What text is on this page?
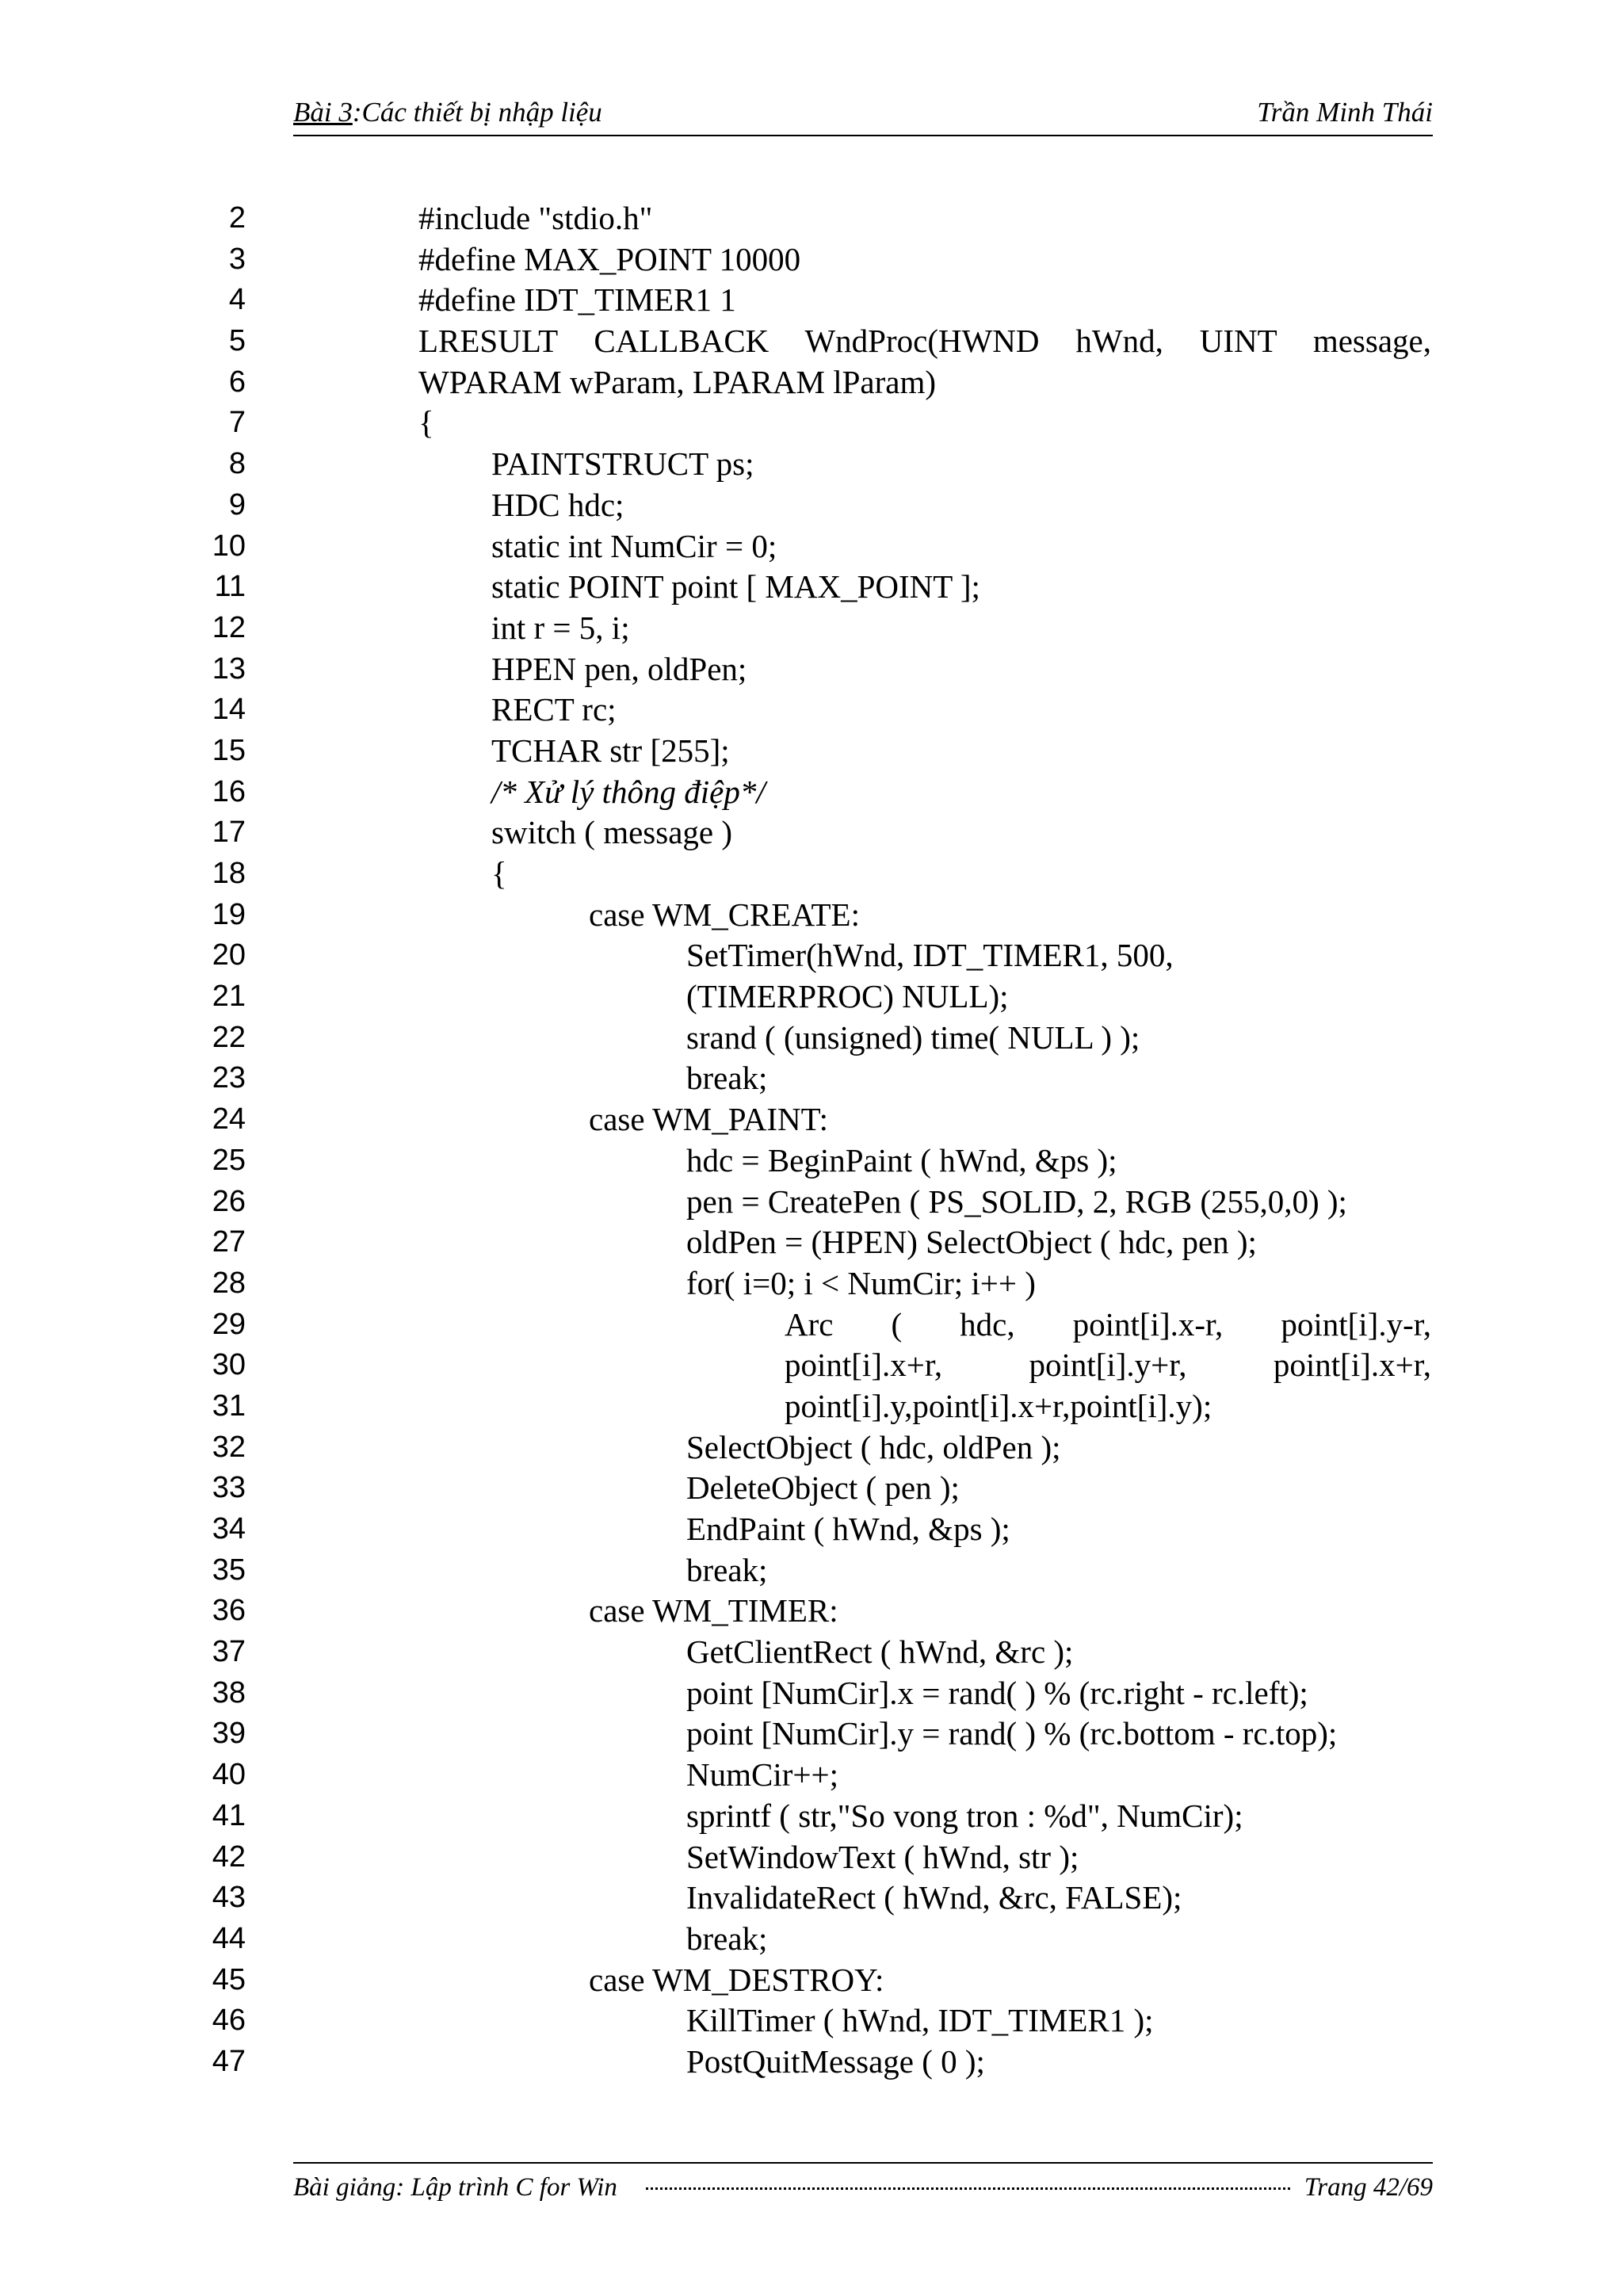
Bài 3:Các thiết bị nhập liệu	Trần Minh Thái
2	#include "stdio.h"
3	#define MAX_POINT 10000
4	#define IDT_TIMER1 1
5	LRESULT CALLBACK WndProc(HWND hWnd, UINT message,
6	WPARAM wParam, LPARAM lParam)
7	{
8	PAINTSTRUCT ps;
9	HDC hdc;
10	static int NumCir = 0;
11	static POINT point [ MAX_POINT ];
12	int r = 5, i;
13	HPEN pen, oldPen;
14	RECT rc;
15	TCHAR str [255];
16	/* Xử lý thông điệp*/
17	switch ( message )
18	{
19	case WM_CREATE:
20	SetTimer(hWnd, IDT_TIMER1, 500,
21	(TIMERPROC) NULL);
22	srand ( (unsigned) time( NULL ) );
23	break;
24	case WM_PAINT:
25	hdc = BeginPaint ( hWnd, &ps );
26	pen = CreatePen ( PS_SOLID, 2, RGB (255,0,0) );
27	oldPen = (HPEN) SelectObject ( hdc, pen );
28	for( i=0; i < NumCir; i++ )
29	Arc ( hdc, point[i].x-r, point[i].y-r,
30	point[i].x+r, point[i].y+r, point[i].x+r,
31	point[i].y,point[i].x+r,point[i].y);
32	SelectObject ( hdc, oldPen );
33	DeleteObject ( pen );
34	EndPaint ( hWnd, &ps );
35	break;
36	case WM_TIMER:
37	GetClientRect ( hWnd, &rc );
38	point [NumCir].x = rand( ) % (rc.right - rc.left);
39	point [NumCir].y = rand( ) % (rc.bottom - rc.top);
40	NumCir++;
41	sprintf ( str,"So vong tron : %d", NumCir);
42	SetWindowText ( hWnd, str );
43	InvalidateRect ( hWnd, &rc, FALSE);
44	break;
45	case WM_DESTROY:
46	KillTimer ( hWnd, IDT_TIMER1 );
47	PostQuitMessage ( 0 );
Bài giảng: Lập trình C for Win	Trang 42/69
